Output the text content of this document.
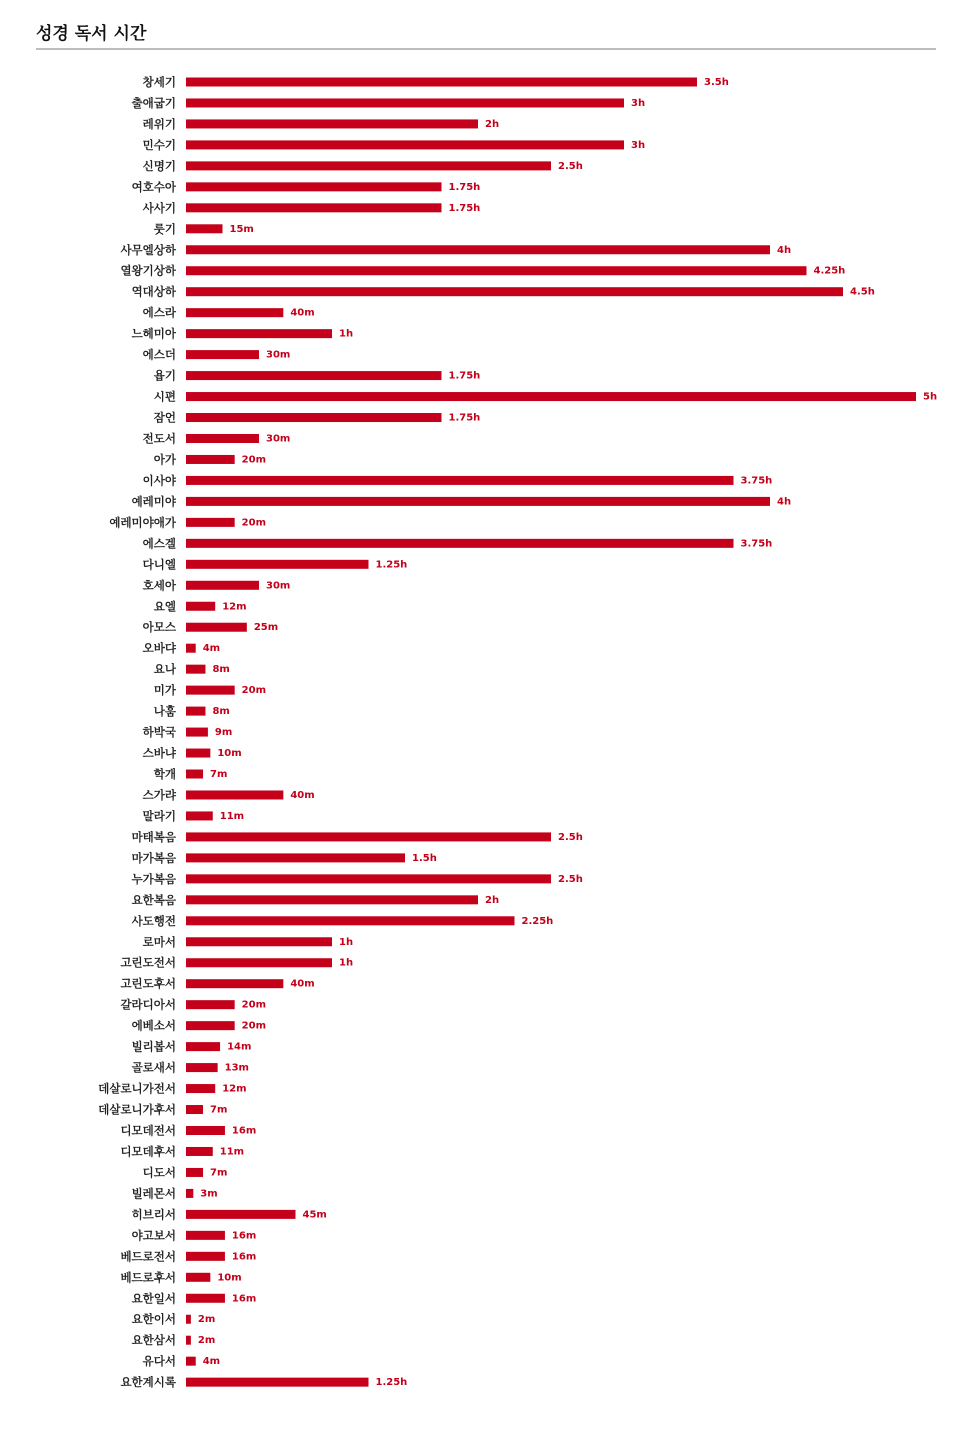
성경 독서 시간
창세기	3.5h
출애굽기	3h
레위기	2h
민수기	3h
신명기	2.5h
여호수아	1.75h
사사기	1.75h
룻기	15m
사무엘상하	4h
열왕기상하	4.25h
역대상하	4.5h
에스라	40m
느헤미아	1h
에스더	30m
욥기	1.75h
시편	5h
잠언	1.75h
전도서	30m
아가	20m
이사야	3.75h
예레미야	4h
예레미야애가	20m
에스겔	3.75h
다니엘	1.25h
호세아	30m
요엘	12m
아모스	25m
오바댜	4m
요나	8m
미가	20m
나훔	8m
하박국	9m
스바냐	10m
학개	7m
스가랴	40m
말라기	11m
마태복음	2.5h
마가복음	1.5h
누가복음	2.5h
요한복음	2h
사도행전	2.25h
로마서	1h
고린도전서	1h
고린도후서	40m
갈라디아서	20m
에베소서	20m
빌리봅서	14m
골로새서	13m
데살로니가전서	12m
데살로니가후서	7m
디모데전서	16m
디모데후서	11m
디도서	7m
빌레몬서 3m
히브리서	45m
야고보서	16m
베드로전서	16m
베드로후서	10m
요한일서	16m
요한이서 2m
요한삼서 2m
유다서	4m
요한계시록	1.25h
